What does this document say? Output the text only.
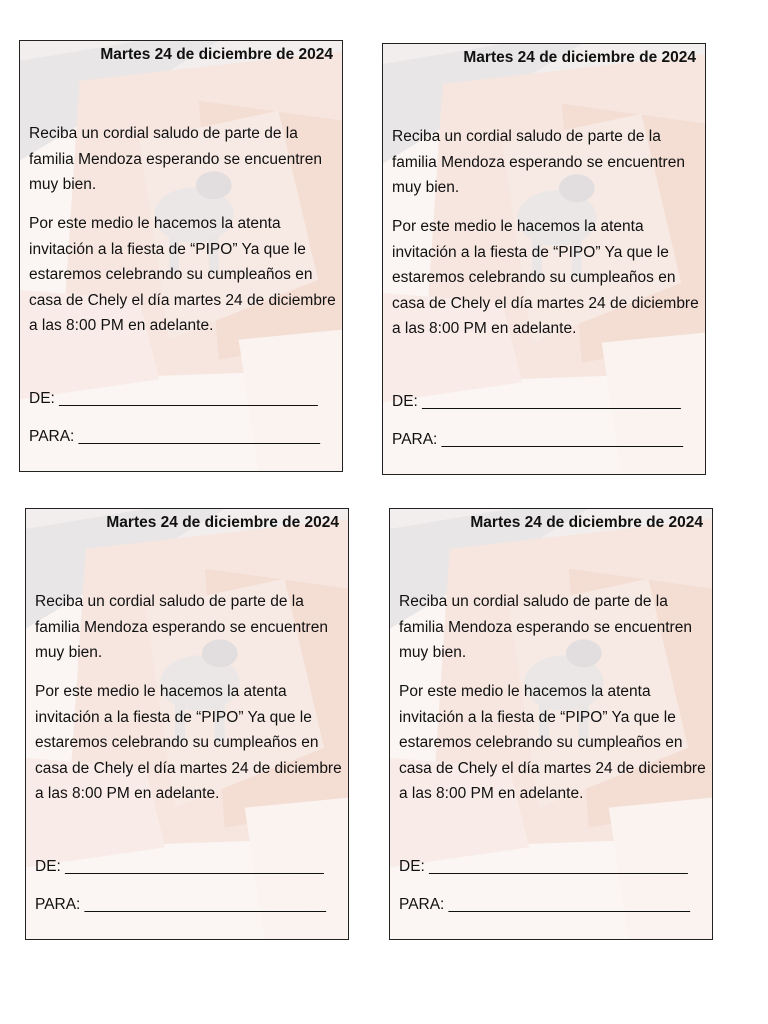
Martes 24 de diciembre de 2024
Reciba un cordial saludo de parte de la familia Mendoza esperando se encuentren muy bien.
Por este medio le hacemos la atenta invitación a la fiesta de “PIPO” Ya que le estaremos celebrando su cumpleaños en casa de Chely el día martes 24 de diciembre a las 8:00 PM en adelante.
DE: ______________________________
PARA: ____________________________
Martes 24 de diciembre de 2024
Reciba un cordial saludo de parte de la familia Mendoza esperando se encuentren muy bien.
Por este medio le hacemos la atenta invitación a la fiesta de “PIPO” Ya que le estaremos celebrando su cumpleaños en casa de Chely el día martes 24 de diciembre a las 8:00 PM en adelante.
DE: ______________________________
PARA: ____________________________
Martes 24 de diciembre de 2024
Reciba un cordial saludo de parte de la familia Mendoza esperando se encuentren muy bien.
Por este medio le hacemos la atenta invitación a la fiesta de “PIPO” Ya que le estaremos celebrando su cumpleaños en casa de Chely el día martes 24 de diciembre a las 8:00 PM en adelante.
DE: ______________________________
PARA: ____________________________
Martes 24 de diciembre de 2024
Reciba un cordial saludo de parte de la familia Mendoza esperando se encuentren muy bien.
Por este medio le hacemos la atenta invitación a la fiesta de “PIPO” Ya que le estaremos celebrando su cumpleaños en casa de Chely el día martes 24 de diciembre a las 8:00 PM en adelante.
DE: ______________________________
PARA: ____________________________
